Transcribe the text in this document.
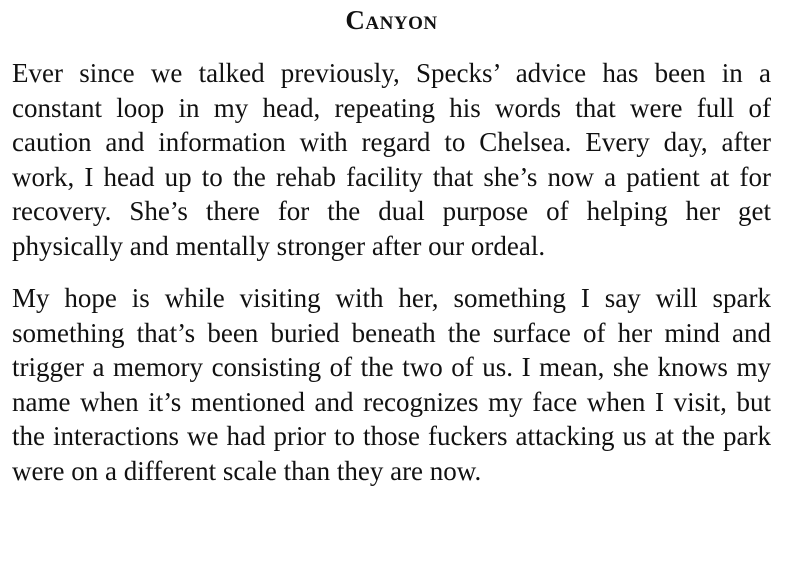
Canyon

Ever since we talked previously, Specks’ advice has been in a constant loop in my head, repeating his words that were full of caution and information with regard to Chelsea. Every day, after work, I head up to the rehab facility that she’s now a patient at for recovery. She’s there for the dual purpose of helping her get physically and mentally stronger after our ordeal.

My hope is while visiting with her, something I say will spark something that’s been buried beneath the surface of her mind and trigger a memory consisting of the two of us. I mean, she knows my name when it’s mentioned and recognizes my face when I visit, but the interactions we had prior to those fuckers attacking us at the park were on a different scale than they are now.
